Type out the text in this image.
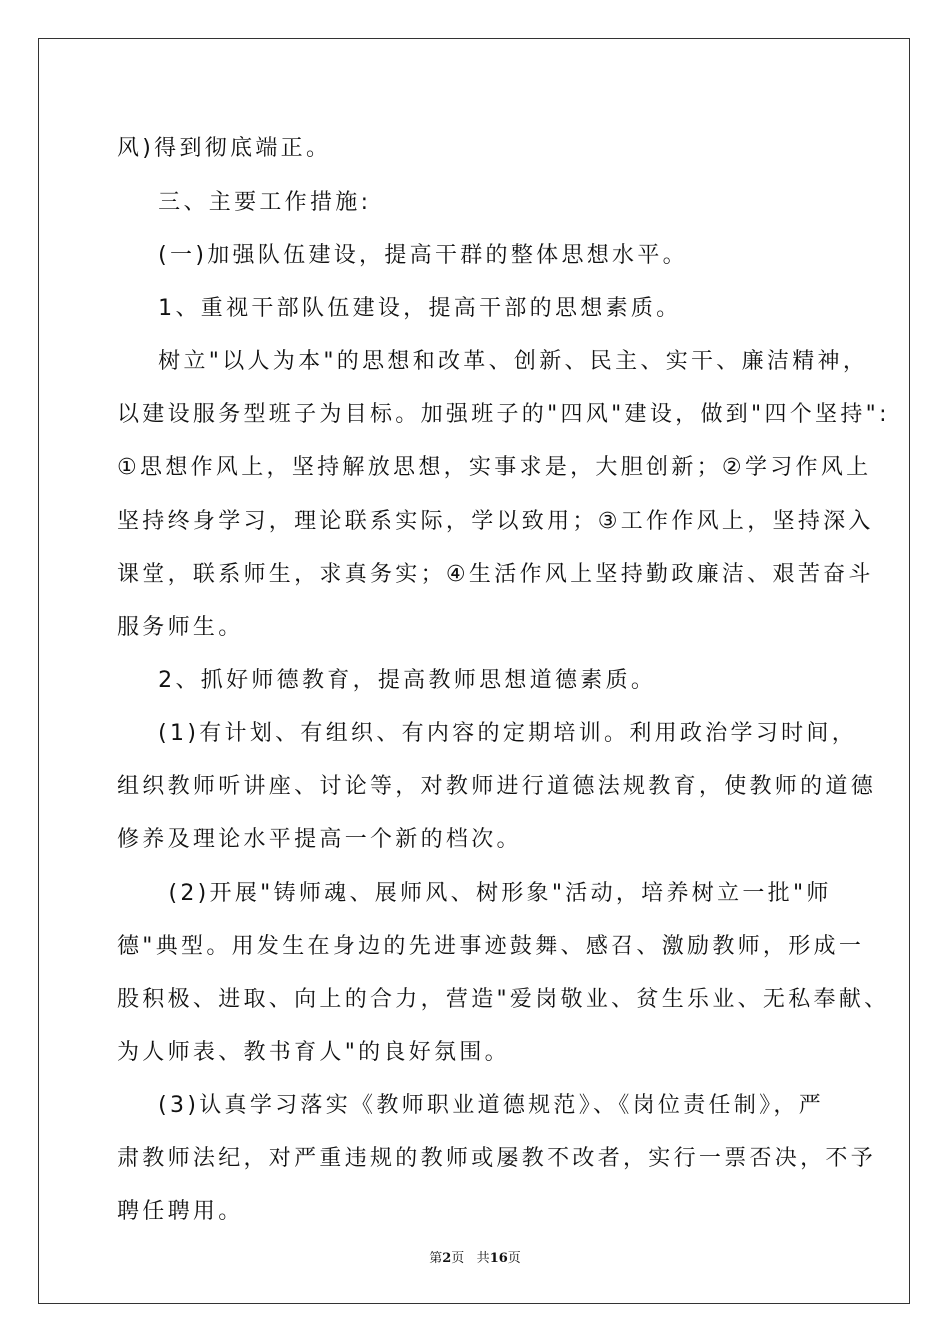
风)得到彻底端正。
三、主要工作措施:
(一)加强队伍建设，提高干群的整体思想水平。
1、重视干部队伍建设，提高干部的思想素质。
树立"以人为本"的思想和改革、创新、民主、实干、廉洁精神，
以建设服务型班子为目标。加强班子的"四风"建设，做到"四个坚持":
①思想作风上，坚持解放思想，实事求是，大胆创新；②学习作风上
坚持终身学习，理论联系实际，学以致用；③工作作风上，坚持深入
课堂，联系师生，求真务实；④生活作风上坚持勤政廉洁、艰苦奋斗
服务师生。
2、抓好师德教育，提高教师思想道德素质。
(1)有计划、有组织、有内容的定期培训。利用政治学习时间，
组织教师听讲座、讨论等，对教师进行道德法规教育，使教师的道德
修养及理论水平提高一个新的档次。
(2)开展"铸师魂、展师风、树形象"活动，培养树立一批"师
德"典型。用发生在身边的先进事迹鼓舞、感召、激励教师，形成一
股积极、进取、向上的合力，营造"爱岗敬业、贫生乐业、无私奉献、
为人师表、教书育人"的良好氛围。
(3)认真学习落实《教师职业道德规范》、《岗位责任制》，严
肃教师法纪，对严重违规的教师或屡教不改者，实行一票否决，不予
聘任聘用。
第2页 共16页
